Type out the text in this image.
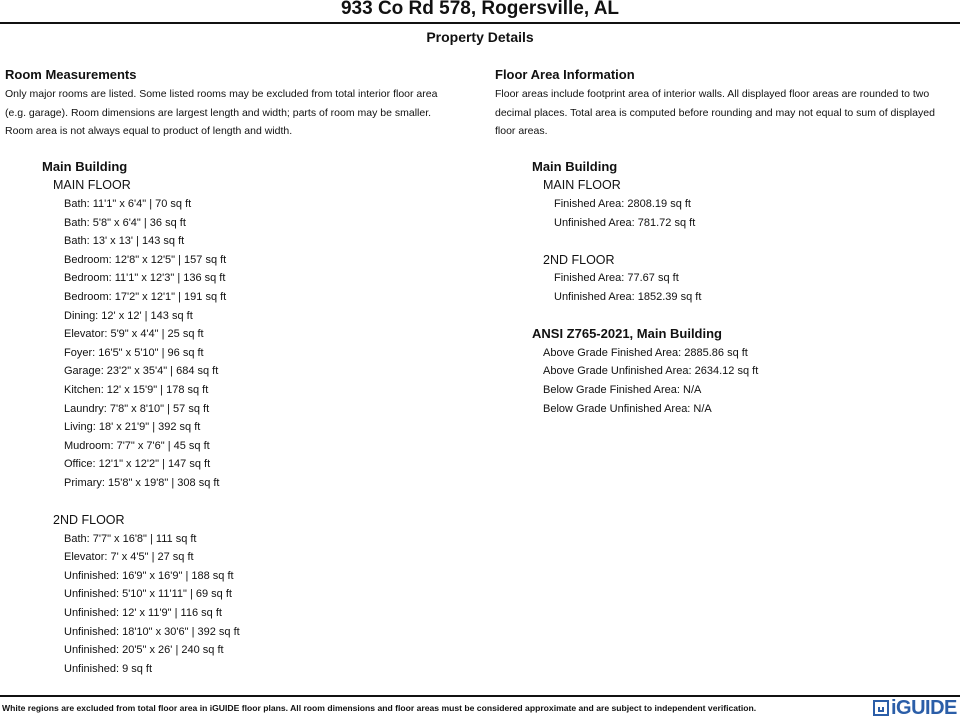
933 Co Rd 578, Rogersville, AL
Property Details
Room Measurements
Only major rooms are listed. Some listed rooms may be excluded from total interior floor area
(e.g. garage). Room dimensions are largest length and width; parts of room may be smaller.
Room area is not always equal to product of length and width.
Main Building
MAIN FLOOR
Bath: 11'1" x 6'4" | 70 sq ft
Bath: 5'8" x 6'4" | 36 sq ft
Bath: 13' x 13' | 143 sq ft
Bedroom: 12'8" x 12'5" | 157 sq ft
Bedroom: 11'1" x 12'3" | 136 sq ft
Bedroom: 17'2" x 12'1" | 191 sq ft
Dining: 12' x 12' | 143 sq ft
Elevator: 5'9" x 4'4" | 25 sq ft
Foyer: 16'5" x 5'10" | 96 sq ft
Garage: 23'2" x 35'4" | 684 sq ft
Kitchen: 12' x 15'9" | 178 sq ft
Laundry: 7'8" x 8'10" | 57 sq ft
Living: 18' x 21'9" | 392 sq ft
Mudroom: 7'7" x 7'6" | 45 sq ft
Office: 12'1" x 12'2" | 147 sq ft
Primary: 15'8" x 19'8" | 308 sq ft
2ND FLOOR
Bath: 7'7" x 16'8" | 111 sq ft
Elevator: 7' x 4'5" | 27 sq ft
Unfinished: 16'9" x 16'9" | 188 sq ft
Unfinished: 5'10" x 11'11" | 69 sq ft
Unfinished: 12' x 11'9" | 116 sq ft
Unfinished: 18'10" x 30'6" | 392 sq ft
Unfinished: 20'5" x 26' | 240 sq ft
Unfinished: 9 sq ft
Floor Area Information
Floor areas include footprint area of interior walls. All displayed floor areas are rounded to two
decimal places. Total area is computed before rounding and may not equal to sum of displayed
floor areas.
Main Building
MAIN FLOOR
Finished Area: 2808.19 sq ft
Unfinished Area: 781.72 sq ft
2ND FLOOR
Finished Area: 77.67 sq ft
Unfinished Area: 1852.39 sq ft
ANSI Z765-2021, Main Building
Above Grade Finished Area: 2885.86 sq ft
Above Grade Unfinished Area: 2634.12 sq ft
Below Grade Finished Area: N/A
Below Grade Unfinished Area: N/A
White regions are excluded from total floor area in iGUIDE floor plans. All room dimensions and floor areas must be considered approximate and are subject to independent verification.	iGUIDE
